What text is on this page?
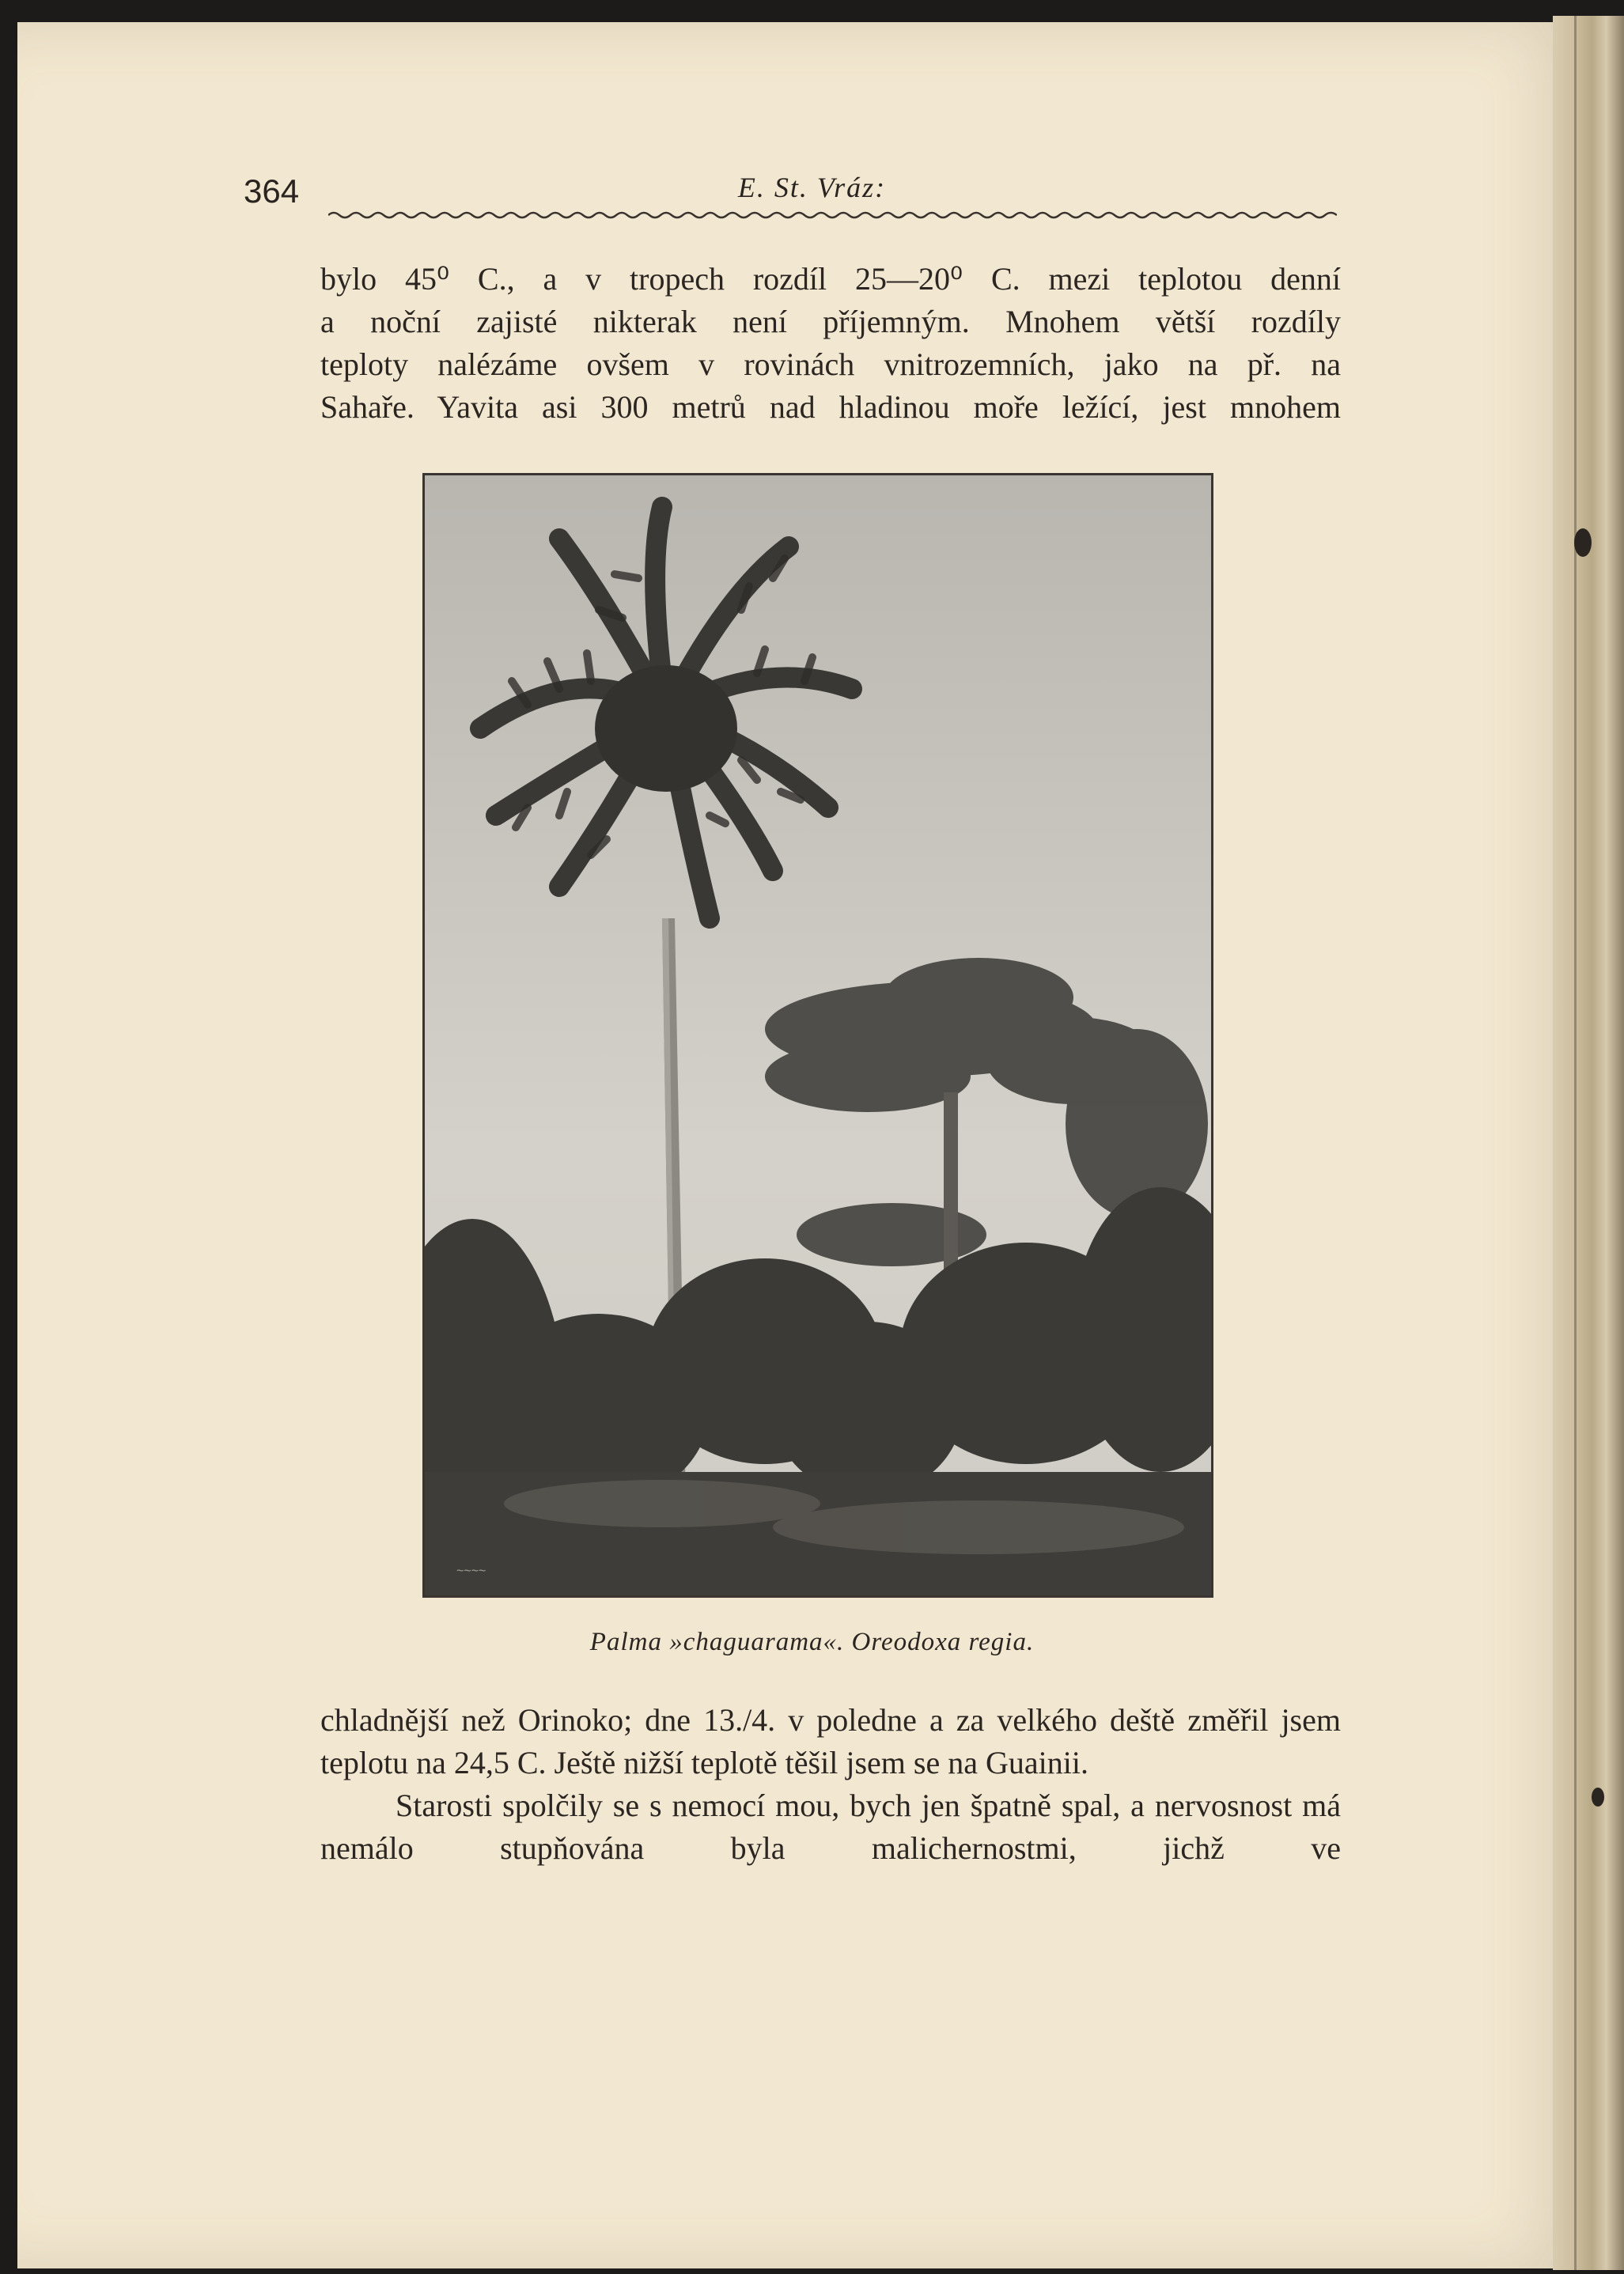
364	E. St. Vráz:

bylo 45⁰ C., a v tropech rozdíl 25—20⁰ C. mezi teplotou denní

a noční zajisté nikterak není příjemným. Mnohem větší rozdíly

teploty nalézáme ovšem v rovinách vnitrozemních, jako na př. na

Sahaře. Yavita asi 300 metrů nad hladinou moře ležící, jest mnohem

~~~~
Palma »chaguarama«. Oreodoxa regia.

chladnější než Orinoko; dne 13./4. v poledne a za velkého deště změřil jsem teplotu na 24,5 C. Ještě nižší teplotě těšil jsem se na Guainii.

Starosti spolčily se s nemocí mou, bych jen špatně spal, a nervosnost má nemálo stupňována byla malichernostmi, jichž ve
